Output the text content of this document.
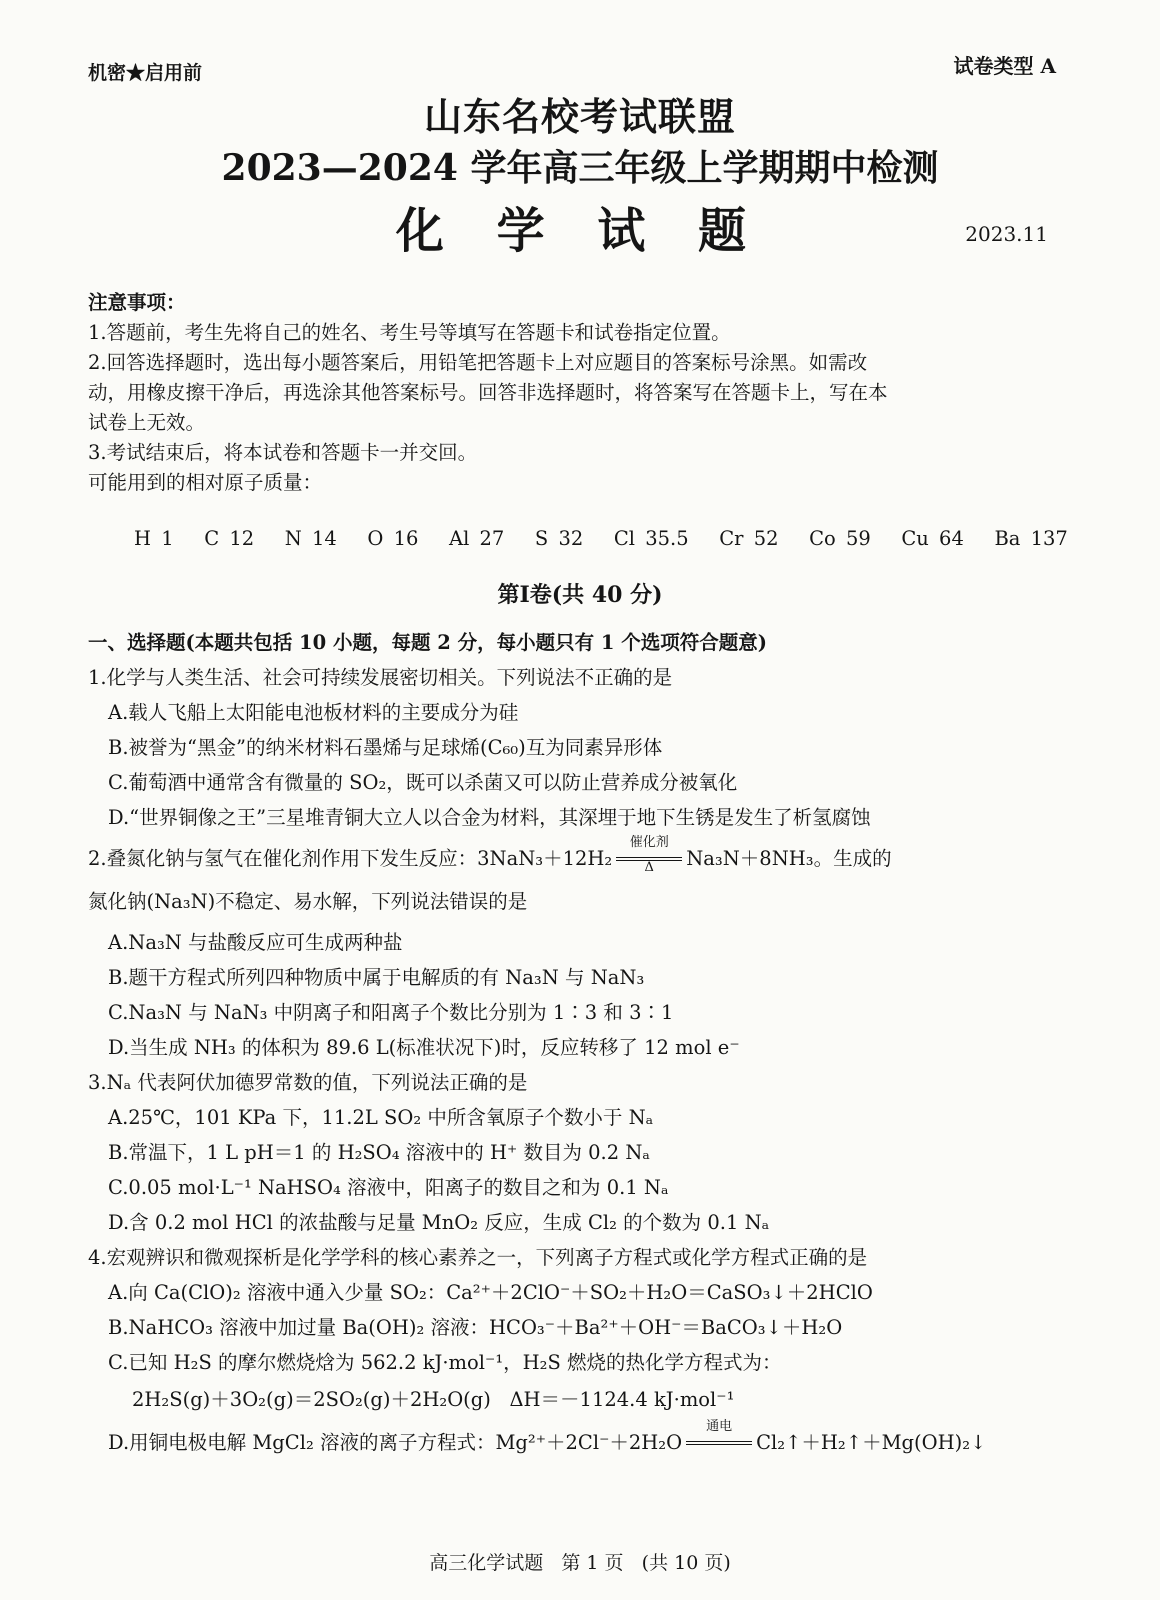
机密★启用前	试卷类型 A
山东名校考试联盟
2023—2024 学年高三年级上学期期中检测
化 学 试 题	2023.11

注意事项：

1.答题前，考生先将自己的姓名、考生号等填写在答题卡和试卷指定位置。

2.回答选择题时，选出每小题答案后，用铅笔把答题卡上对应题目的答案标号涂黑。如需改

动，用橡皮擦干净后，再选涂其他答案标号。回答非选择题时，将答案写在答题卡上，写在本

试卷上无效。

3.考试结束后，将本试卷和答题卡一并交回。

可能用到的相对原子质量：

H 1   C 12   N 14   O 16   Al 27   S 32   Cl 35.5   Cr 52   Co 59   Cu 64   Ba 137
第Ⅰ卷(共 40 分)
一、选择题(本题共包括 10 小题，每题 2 分，每小题只有 1 个选项符合题意)

1.化学与人类生活、社会可持续发展密切相关。下列说法不正确的是

A.载人飞船上太阳能电池板材料的主要成分为硅

B.被誉为“黑金”的纳米材料石墨烯与足球烯(C₆₀)互为同素异形体

C.葡萄酒中通常含有微量的 SO₂，既可以杀菌又可以防止营养成分被氧化

D.“世界铜像之王”三星堆青铜大立人以合金为材料，其深埋于地下生锈是发生了析氢腐蚀

2.叠氮化钠与氢气在催化剂作用下发生反应：3NaN₃＋12H₂
催化剂
Δ	Na₃N＋8NH₃。生成的

氮化钠(Na₃N)不稳定、易水解，下列说法错误的是

A.Na₃N 与盐酸反应可生成两种盐

B.题干方程式所列四种物质中属于电解质的有 Na₃N 与 NaN₃

C.Na₃N 与 NaN₃ 中阴离子和阳离子个数比分别为 1∶3 和 3∶1

D.当生成 NH₃ 的体积为 89.6 L(标准状况下)时，反应转移了 12 mol e⁻

3.Nₐ 代表阿伏加德罗常数的值，下列说法正确的是

A.25℃，101 KPa 下，11.2L SO₂ 中所含氧原子个数小于 Nₐ

B.常温下，1 L pH＝1 的 H₂SO₄ 溶液中的 H⁺ 数目为 0.2 Nₐ

C.0.05 mol·L⁻¹ NaHSO₄ 溶液中，阳离子的数目之和为 0.1 Nₐ

D.含 0.2 mol HCl 的浓盐酸与足量 MnO₂ 反应，生成 Cl₂ 的个数为 0.1 Nₐ

4.宏观辨识和微观探析是化学学科的核心素养之一，下列离子方程式或化学方程式正确的是

A.向 Ca(ClO)₂ 溶液中通入少量 SO₂：Ca²⁺＋2ClO⁻＋SO₂＋H₂O＝CaSO₃↓＋2HClO

B.NaHCO₃ 溶液中加过量 Ba(OH)₂ 溶液：HCO₃⁻＋Ba²⁺＋OH⁻＝BaCO₃↓＋H₂O

C.已知 H₂S 的摩尔燃烧焓为 562.2 kJ·mol⁻¹，H₂S 燃烧的热化学方程式为：

2H₂S(g)＋3O₂(g)＝2SO₂(g)＋2H₂O(g)   ΔH＝－1124.4 kJ·mol⁻¹

D.用铜电极电解 MgCl₂ 溶液的离子方程式：Mg²⁺＋2Cl⁻＋2H₂O
通电
Cl₂↑＋H₂↑＋Mg(OH)₂↓

高三化学试题   第 1 页   (共 10 页)
